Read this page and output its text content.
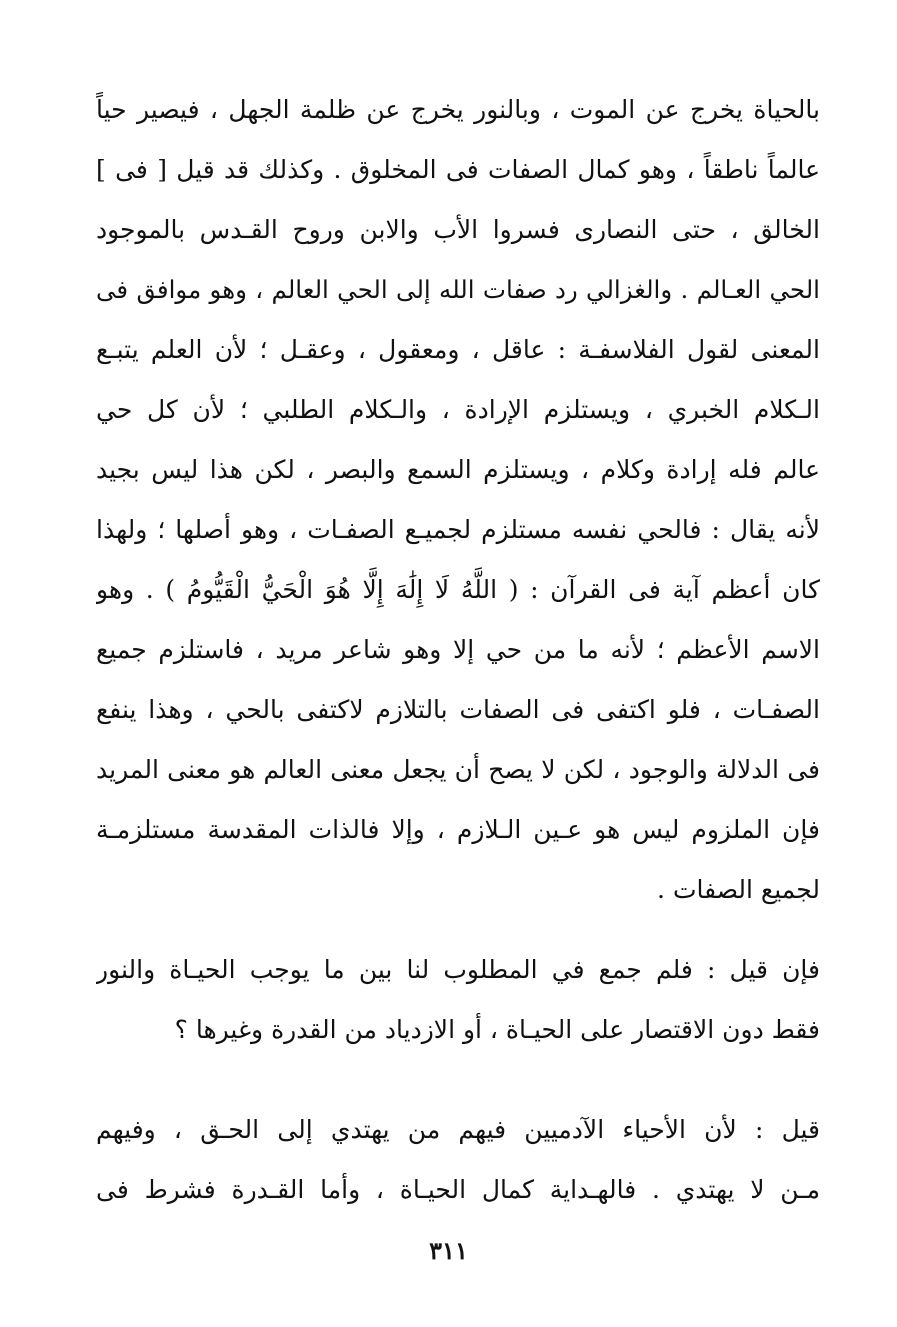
بالحياة يخرج عن الموت ، وبالنور يخرج عن ظلمة الجهل ، فيصير حياً
عالماً ناطقاً ، وهو كمال الصفات فى المخلوق . وكذلك قد قيل [ فى ]
الخالق ، حتى النصارى فسروا الأب والابن وروح القـدس بالموجود
الحي العـالم . والغزالي رد صفات الله إلى الحي العالم ، وهو موافق فى
المعنى لقول الفلاسفـة : عاقل ، ومعقول ، وعقـل ؛ لأن العلم يتبـع
الـكلام الخبري ، ويستلزم الإرادة ، والـكلام الطلبي ؛ لأن كل حي
عالم فله إرادة وكلام ، ويستلزم السمع والبصر ، لكن هذا ليس بجيد
لأنه يقال : فالحي نفسه مستلزم لجميـع الصفـات ، وهو أصلها ؛ ولهذا
كان أعظم آية فى القرآن : ( اللَّهُ لَا إِلَٰهَ إِلَّا هُوَ الْحَيُّ الْقَيُّومُ ) . وهو
الاسم الأعظم ؛ لأنه ما من حي إلا وهو شاعر مريد ، فاستلزم جميع
الصفـات ، فلو اكتفى فى الصفات بالتلازم لاكتفى بالحي ، وهذا ينفع
فى الدلالة والوجود ، لكن لا يصح أن يجعل معنى العالم هو معنى المريد
فإن الملزوم ليس هو عـين الـلازم ، وإلا فالذات المقدسة مستلزمـة
لجميع الصفات .
فإن قيل : فلم جمع في المطلوب لنا بين ما يوجب الحيـاة والنور
فقط دون الاقتصار على الحيـاة ، أو الازدياد من القدرة وغيرها ؟
قيل : لأن الأحياء الآدميين فيهم من يهتدي إلى الحـق ، وفيهم
مـن لا يهتدي . فالهـداية كمال الحيـاة ، وأما القـدرة فشرط فى
٣١١
